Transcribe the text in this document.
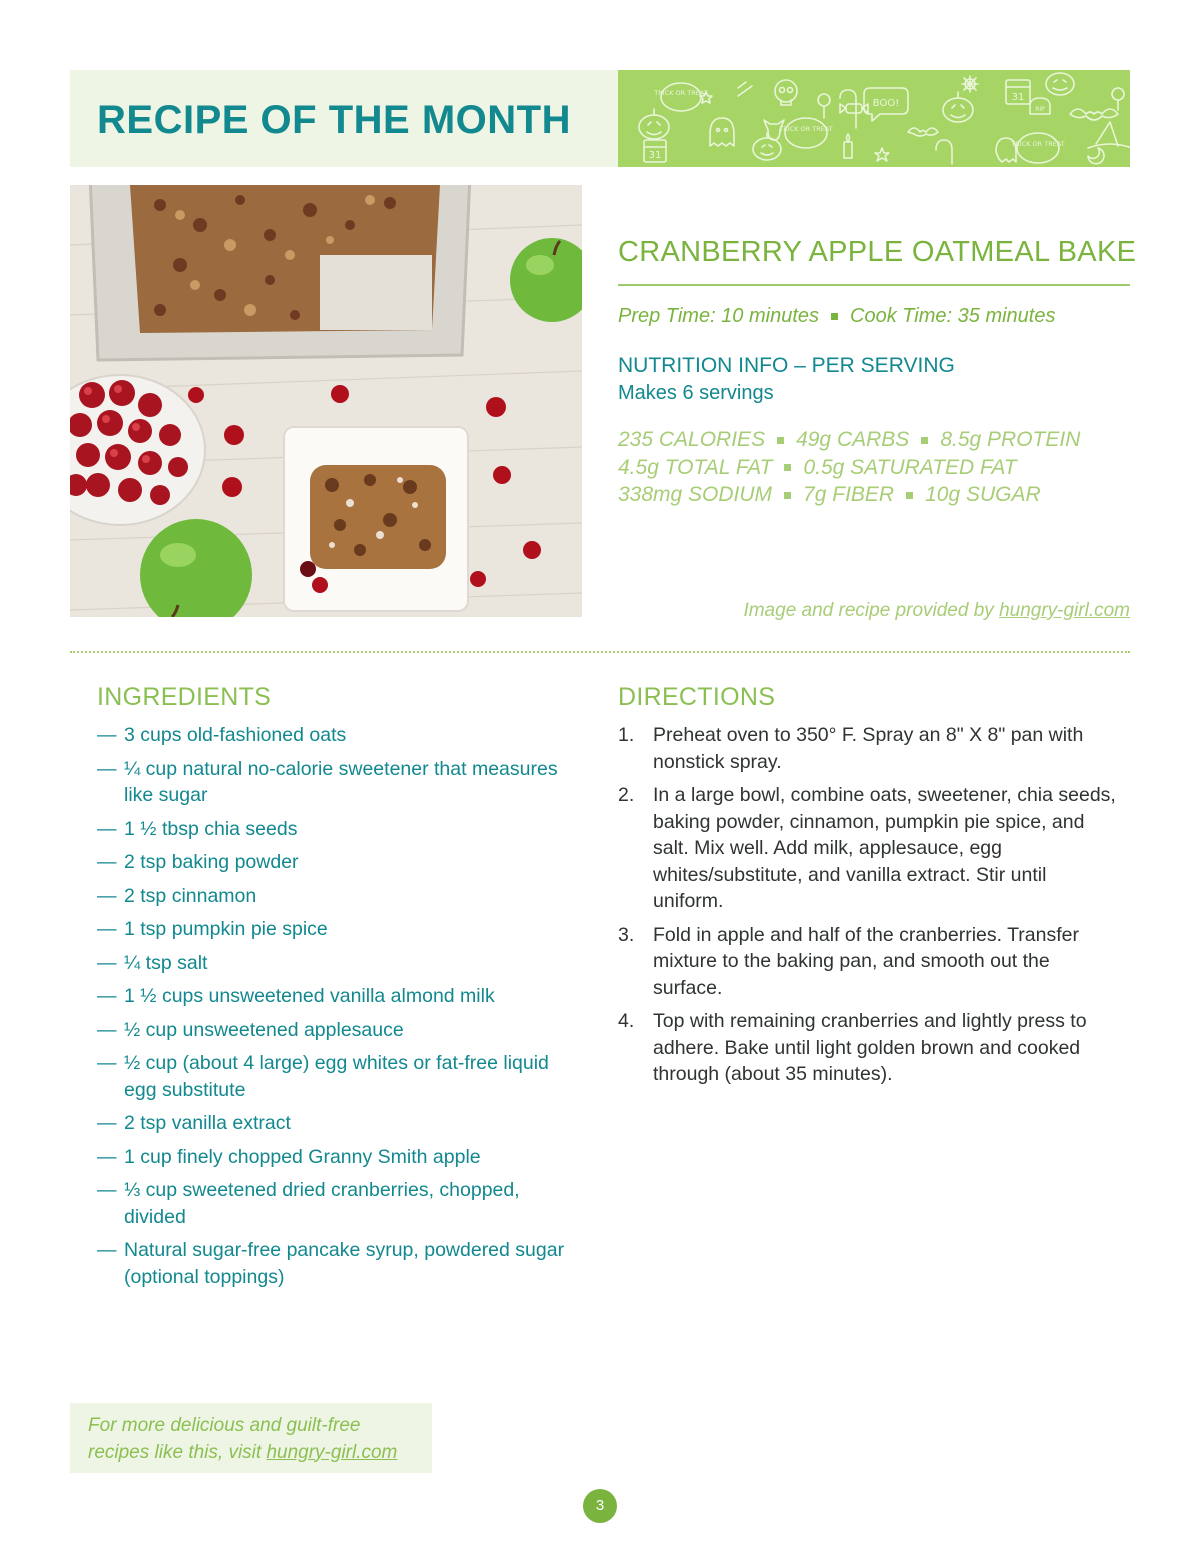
RECIPE OF THE MONTH
TRICK OR TREAT
TRICK OR TREAT
TRICK OR TREAT
BOO!
31
31
RIP
CRANBERRY APPLE OATMEAL BAKE
Prep Time: 10 minutes Cook Time: 35 minutes
NUTRITION INFO – PER SERVING
Makes 6 servings
235 CALORIES 49g CARBS 8.5g PROTEIN
4.5g TOTAL FAT 0.5g SATURATED FAT
338mg SODIUM 7g FIBER 10g SUGAR
Image and recipe provided by hungry-girl.com
INGREDIENTS
— 3 cups old-fashioned oats
— ¼ cup natural no-calorie sweetener that measures like sugar
— 1 ½ tbsp chia seeds
— 2 tsp baking powder
— 2 tsp cinnamon
— 1 tsp pumpkin pie spice
— ¼ tsp salt
— 1 ½ cups unsweetened vanilla almond milk
— ½ cup unsweetened applesauce
— ½ cup (about 4 large) egg whites or fat-free liquid egg substitute
— 2 tsp vanilla extract
— 1 cup finely chopped Granny Smith apple
— ⅓ cup sweetened dried cranberries, chopped, divided
— Natural sugar-free pancake syrup, powdered sugar (optional toppings)
DIRECTIONS
1. Preheat oven to 350° F. Spray an 8" X 8" pan with nonstick spray.
2. In a large bowl, combine oats, sweetener, chia seeds, baking powder, cinnamon, pumpkin pie spice, and salt. Mix well. Add milk, applesauce, egg whites/substitute, and vanilla extract. Stir until uniform.
3. Fold in apple and half of the cranberries. Transfer mixture to the baking pan, and smooth out the surface.
4. Top with remaining cranberries and lightly press to adhere. Bake until light golden brown and cooked through (about 35 minutes).
For more delicious and guilt-free
recipes like this, visit hungry-girl.com
3
